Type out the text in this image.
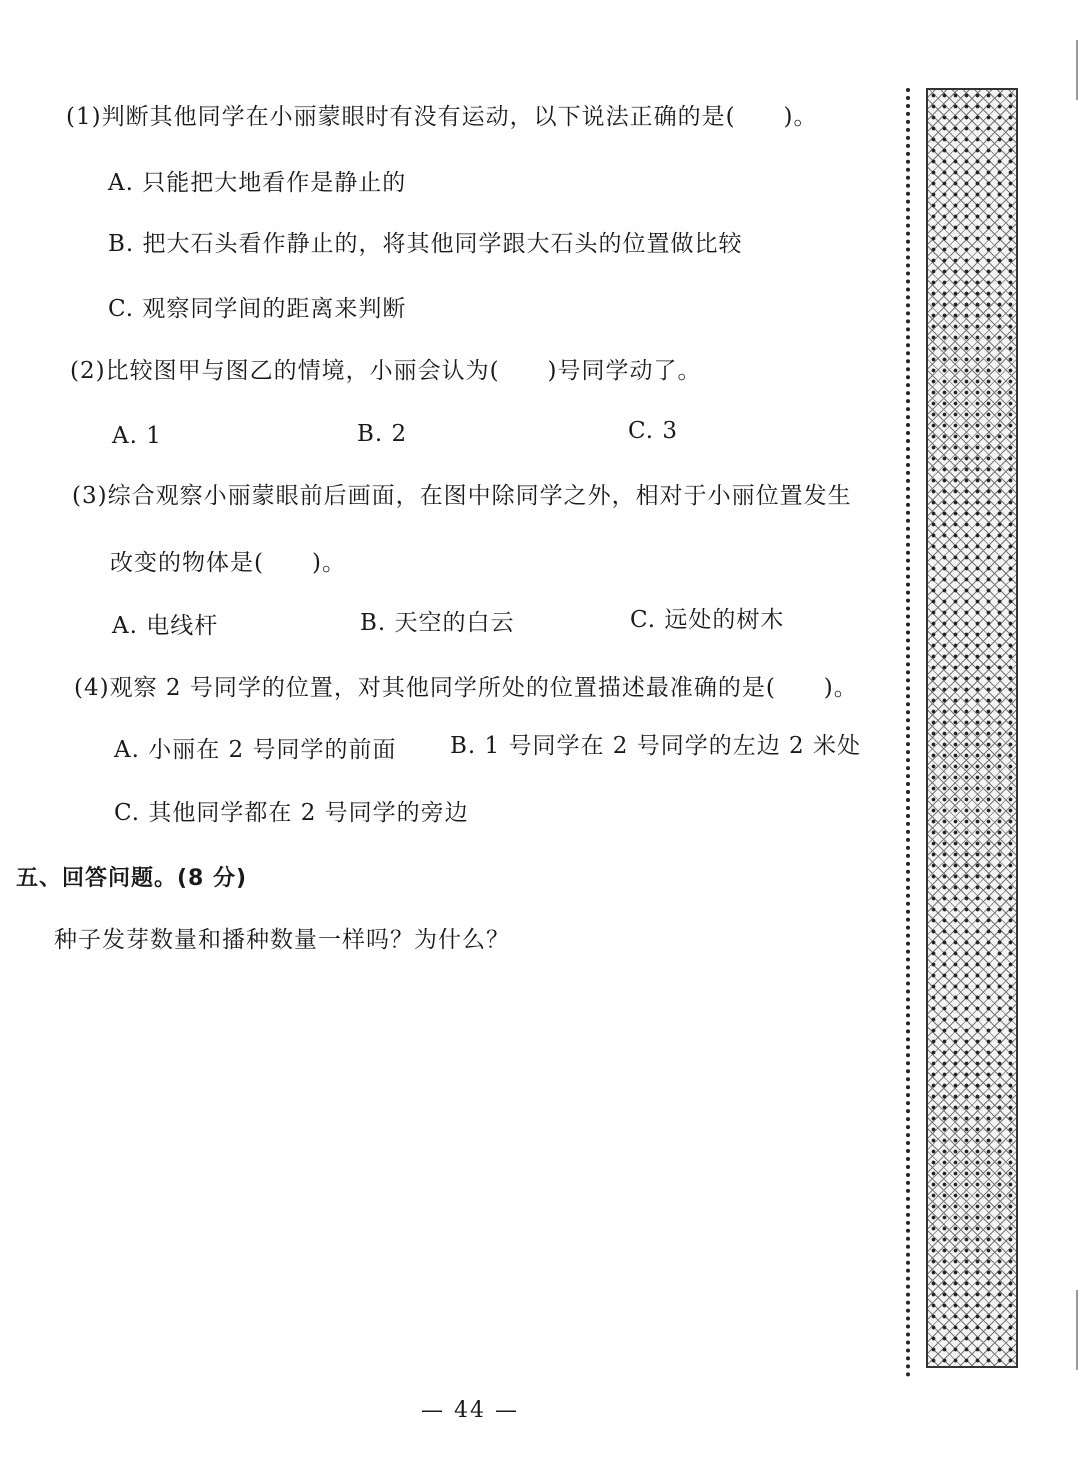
(1)判断其他同学在小丽蒙眼时有没有运动，以下说法正确的是(　　)。
A. 只能把大地看作是静止的
B. 把大石头看作静止的，将其他同学跟大石头的位置做比较
C. 观察同学间的距离来判断
(2)比较图甲与图乙的情境，小丽会认为(　　)号同学动了。
A. 1	B. 2	C. 3
(3)综合观察小丽蒙眼前后画面，在图中除同学之外，相对于小丽位置发生
改变的物体是(　　)。
A. 电线杆	B. 天空的白云	C. 远处的树木
(4)观察 2 号同学的位置，对其他同学所处的位置描述最准确的是(　　)。
A. 小丽在 2 号同学的前面 B. 1 号同学在 2 号同学的左边 2 米处
C. 其他同学都在 2 号同学的旁边
五、回答问题。(8 分)
种子发芽数量和播种数量一样吗？为什么？
— 44 —
